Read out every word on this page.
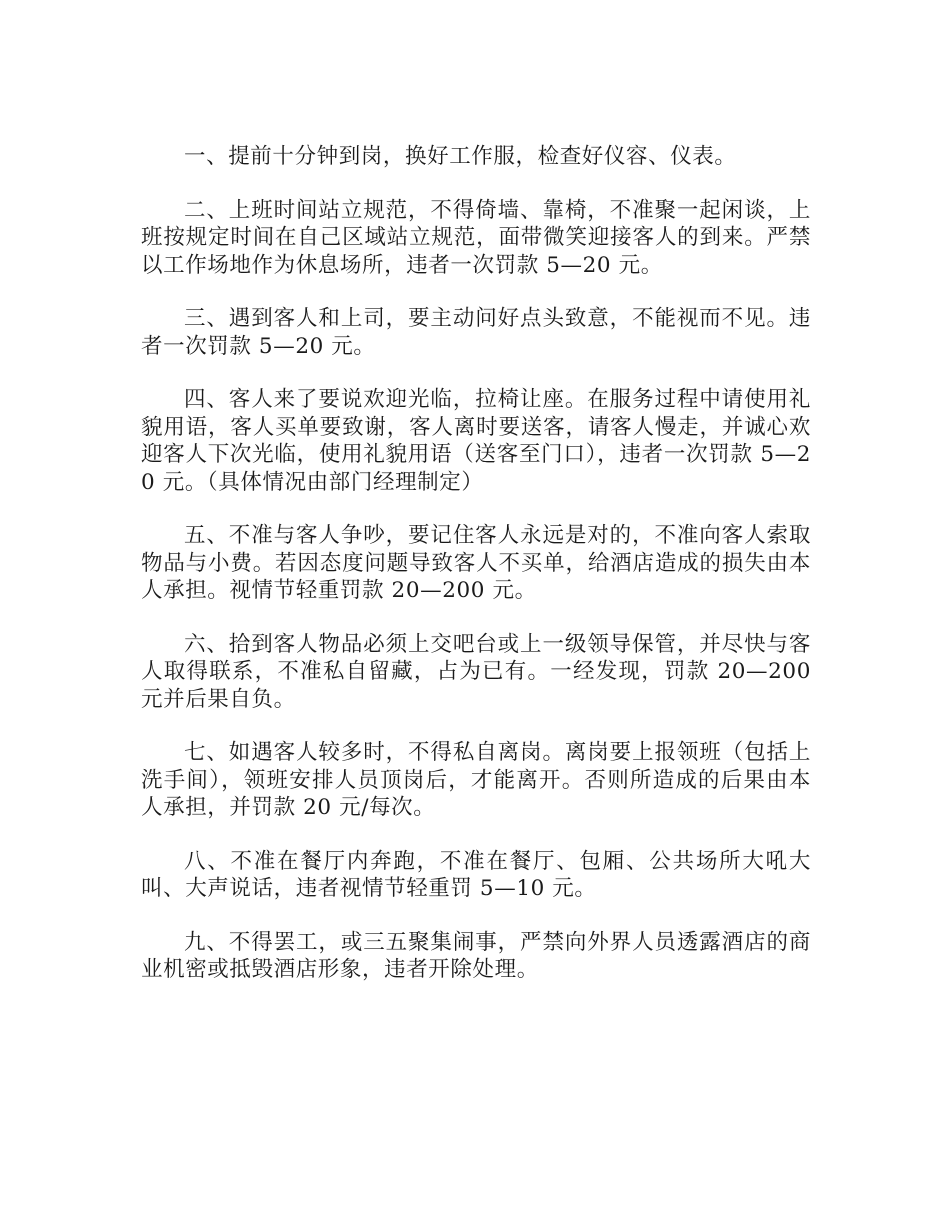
一、提前十分钟到岗，换好工作服，检查好仪容、仪表。

二、上班时间站立规范，不得倚墙、靠椅，不准聚一起闲谈，上班按规定时间在自己区域站立规范，面带微笑迎接客人的到来。严禁以工作场地作为休息场所，违者一次罚款 5—20 元。

三、遇到客人和上司，要主动问好点头致意，不能视而不见。违者一次罚款 5—20 元。

四、客人来了要说欢迎光临，拉椅让座。在服务过程中请使用礼貌用语，客人买单要致谢，客人离时要送客，请客人慢走，并诚心欢迎客人下次光临，使用礼貌用语（送客至门口），违者一次罚款 5—20 元。（具体情况由部门经理制定）

五、不准与客人争吵，要记住客人永远是对的，不准向客人索取物品与小费。若因态度问题导致客人不买单，给酒店造成的损失由本人承担。视情节轻重罚款 20—200 元。

六、拾到客人物品必须上交吧台或上一级领导保管，并尽快与客人取得联系，不准私自留藏，占为已有。一经发现，罚款 20—200 元并后果自负。

七、如遇客人较多时，不得私自离岗。离岗要上报领班（包括上洗手间），领班安排人员顶岗后，才能离开。否则所造成的后果由本人承担，并罚款 20 元/每次。

八、不准在餐厅内奔跑，不准在餐厅、包厢、公共场所大吼大叫、大声说话，违者视情节轻重罚 5—10 元。

九、不得罢工，或三五聚集闹事，严禁向外界人员透露酒店的商业机密或抵毁酒店形象，违者开除处理。
